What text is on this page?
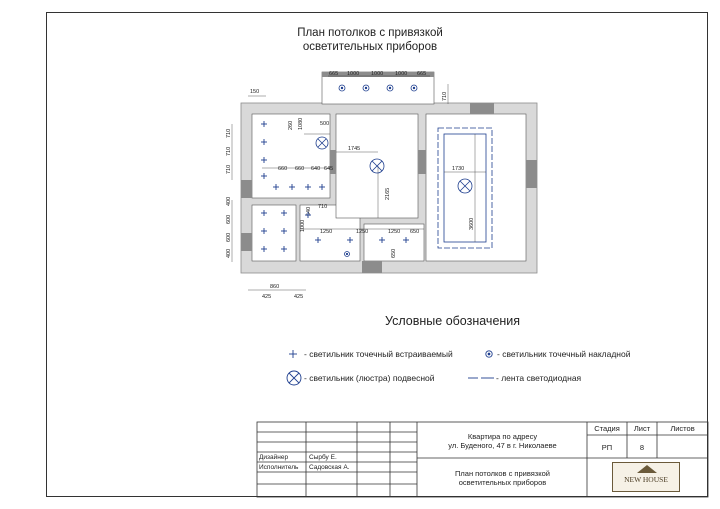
План потолков с привязкой
осветительных приборов
1730
3600
1745
2165
665 1000 1000 1000 665
710
150
710
710
710
260 1080	500
660 660 640 645
400
600
600
400
710
540
1000	1250	1250	1250 650
650
425
860
425
Условные обозначения
- светильник точечный встраиваемый	- светильник точечный накладной
- светильник (люстра) подвесной	- лента светодиодная
Квартира по адресу
ул. Буденого, 47 в г. Николаеве
Стадия	Лист	Листов
РП	8
Дизайнер	Сырбу Е.
Исполнитель Садовская А.
План потолков с привязкой
осветительных приборов	NEW HOUSE
